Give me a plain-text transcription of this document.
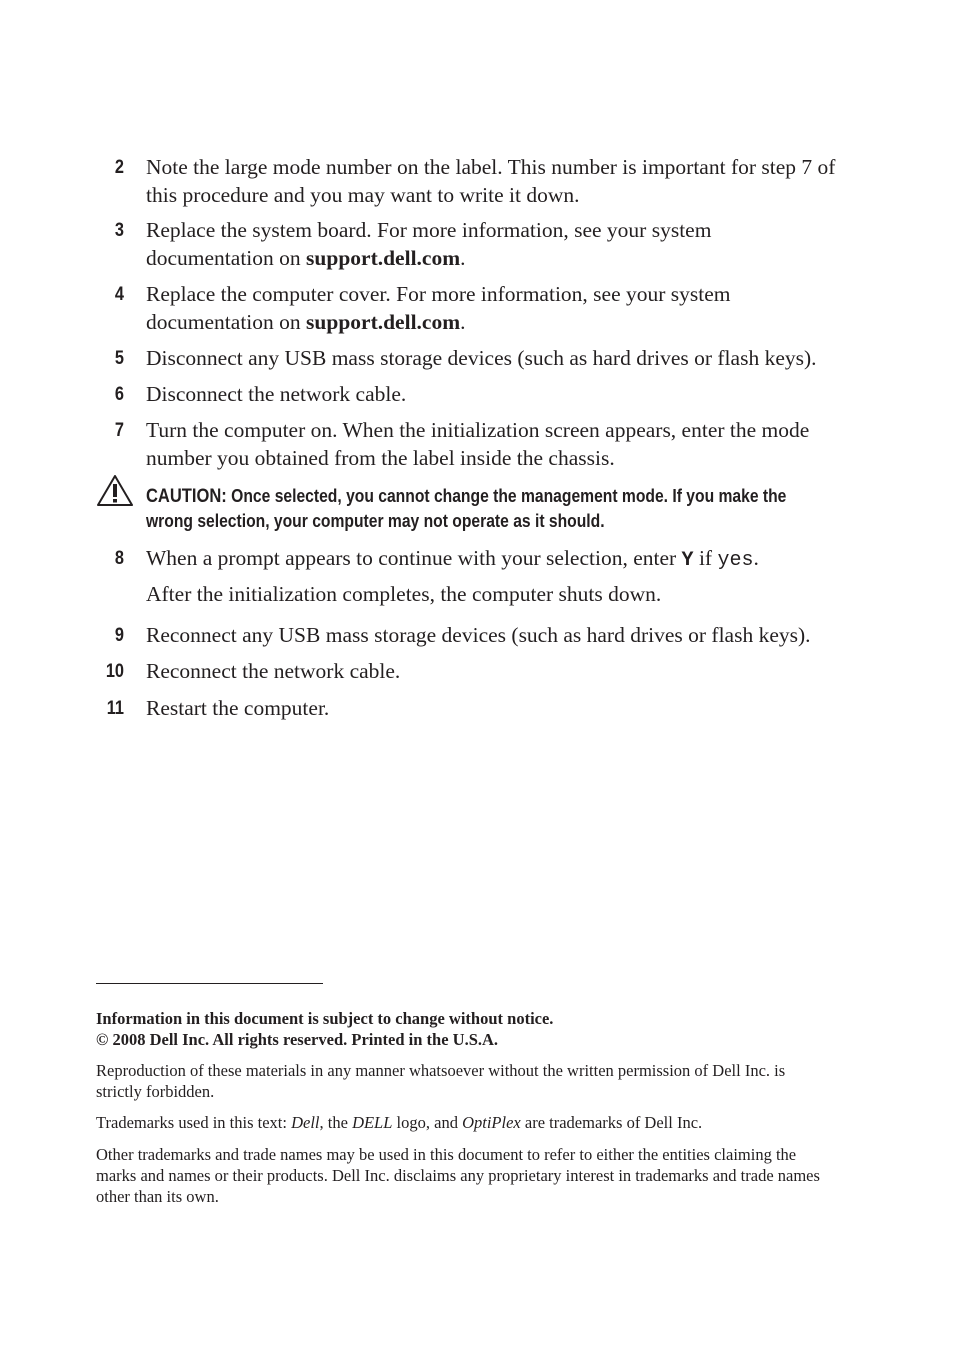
2 Note the large mode number on the label. This number is important for step 7 of this procedure and you may want to write it down.
3 Replace the system board. For more information, see your system documentation on support.dell.com.
4 Replace the computer cover. For more information, see your system documentation on support.dell.com.
5 Disconnect any USB mass storage devices (such as hard drives or flash keys).
6 Disconnect the network cable.
7 Turn the computer on. When the initialization screen appears, enter the mode number you obtained from the label inside the chassis.
CAUTION: Once selected, you cannot change the management mode. If you make the wrong selection, your computer may not operate as it should.
8 When a prompt appears to continue with your selection, enter Y if yes.
After the initialization completes, the computer shuts down.
9 Reconnect any USB mass storage devices (such as hard drives or flash keys).
10 Reconnect the network cable.
11 Restart the computer.
Information in this document is subject to change without notice.
© 2008 Dell Inc. All rights reserved. Printed in the U.S.A.
Reproduction of these materials in any manner whatsoever without the written permission of Dell Inc. is strictly forbidden.
Trademarks used in this text: Dell, the DELL logo, and OptiPlex are trademarks of Dell Inc.
Other trademarks and trade names may be used in this document to refer to either the entities claiming the marks and names or their products. Dell Inc. disclaims any proprietary interest in trademarks and trade names other than its own.
